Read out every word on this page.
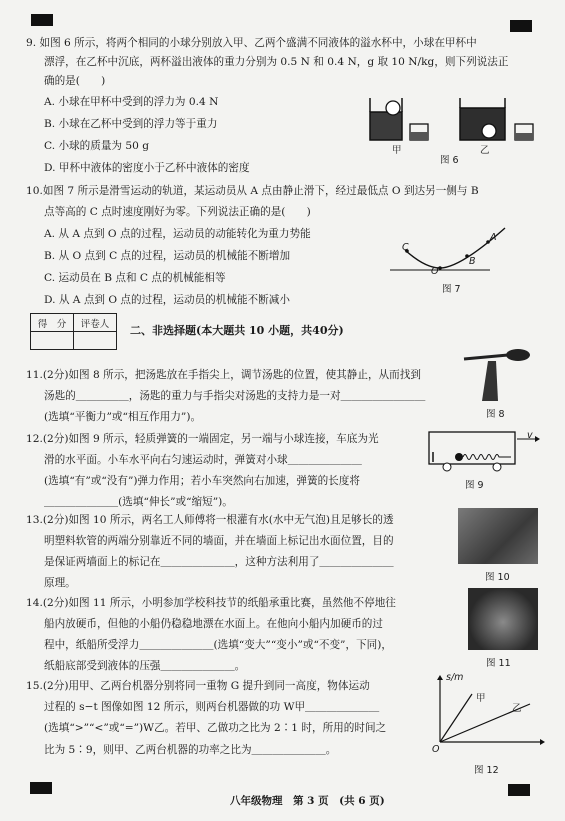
9. 如图 6 所示，将两个相同的小球分别放入甲、乙两个盛满不同液体的溢水杯中，小球在甲杯中
漂浮，在乙杯中沉底，两杯溢出液体的重力分别为 0.5 N 和 0.4 N，g 取 10 N/kg，则下列说法正
确的是(　　)
A. 小球在甲杯中受到的浮力为 0.4 N
B. 小球在乙杯中受到的浮力等于重力
C. 小球的质量为 50 g
D. 甲杯中液体的密度小于乙杯中液体的密度
甲	乙
图 6
10.如图 7 所示是滑雪运动的轨道，某运动员从 A 点由静止滑下，经过最低点 O 到达另一侧与 B
点等高的 C 点时速度刚好为零。下列说法正确的是(　　)
A. 从 A 点到 O 点的过程，运动员的动能转化为重力势能
B. 从 O 点到 C 点的过程，运动员的机械能不断增加
C. 运动员在 B 点和 C 点的机械能相等
D. 从 A 点到 O 点的过程，运动员的机械能不断减小
C
A
B
O
图 7
得　分	评卷人
	二、非选择题(本大题共 10 小题，共40分)
11.(2分)如图 8 所示，把汤匙放在手指尖上，调节汤匙的位置，使其静止，从而找到
汤匙的＿＿＿＿＿，汤匙的重力与手指尖对汤匙的支持力是一对＿＿＿＿＿＿＿＿
(选填“平衡力”或“相互作用力”)。	图 8
12.(2分)如图 9 所示，轻质弹簧的一端固定，另一端与小球连接，车底为光
滑的水平面。小车水平向右匀速运动时，弹簧对小球＿＿＿＿＿＿＿
(选填“有”或“没有”)弹力作用；若小车突然向右加速，弹簧的长度将
＿＿＿＿＿＿＿(选填“伸长”或“缩短”)。
v
图 9
13.(2分)如图 10 所示，两名工人师傅将一根灌有水(水中无气泡)且足够长的透
明塑料软管的两端分别靠近不同的墙面，并在墙面上标记出水面位置，目的
是保证两墙面上的标记在＿＿＿＿＿＿＿，这种方法利用了＿＿＿＿＿＿＿
原理。	图 10
14.(2分)如图 11 所示，小明参加学校科技节的纸船承重比赛，虽然他不停地往
船内放硬币，但他的小船仍稳稳地漂在水面上。在他向小船内加硬币的过
程中，纸船所受浮力＿＿＿＿＿＿＿(选填“变大”“变小”或“不变”，下同)，
纸船底部受到液体的压强＿＿＿＿＿＿＿。	图 11
15.(2分)用甲、乙两台机器分别将同一重物 G 提升到同一高度，物体运动
过程的 s−t 图像如图 12 所示，则两台机器做的功 W甲＿＿＿＿＿＿＿
(选填“>”“<”或“=”)W乙。若甲、乙做功之比为 2∶1 时，所用的时间之
比为 5∶9，则甲、乙两台机器的功率之比为＿＿＿＿＿＿＿。
s/m
O
甲
乙
图 12
八年级物理　第 3 页　(共 6 页)
